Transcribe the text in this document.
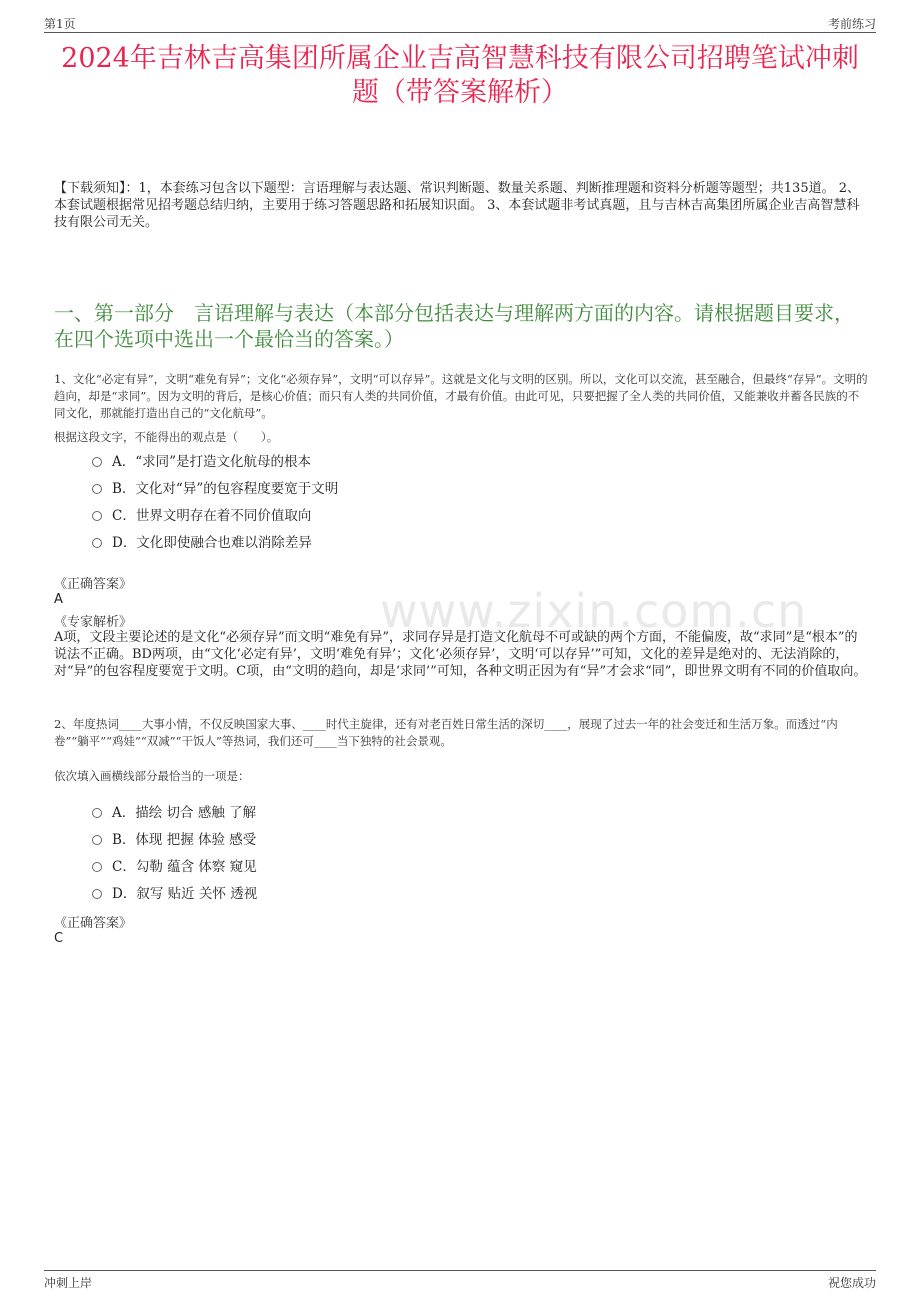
第1页	考前练习
2024年吉林吉高集团所属企业吉高智慧科技有限公司招聘笔试冲刺题（带答案解析）
【下载须知】：1，本套练习包含以下题型：言语理解与表达题、常识判断题、数量关系题、判断推理题和资料分析题等题型；共135道。 2、本套试题根据常见招考题总结归纳，主要用于练习答题思路和拓展知识面。 3、本套试题非考试真题，且与吉林吉高集团所属企业吉高智慧科技有限公司无关。
一、第一部分　言语理解与表达（本部分包括表达与理解两方面的内容。请根据题目要求，在四个选项中选出一个最恰当的答案。）
1、文化“必定有异”，文明“难免有异”；文化“必须存异”，文明“可以存异”。这就是文化与文明的区别。所以，文化可以交流，甚至融合，但最终“存异”。文明的趋向，却是“求同”。因为文明的背后，是核心价值；而只有人类的共同价值，才最有价值。由此可见，只要把握了全人类的共同价值，又能兼收并蓄各民族的不同文化，那就能打造出自己的“文化航母”。
根据这段文字，不能得出的观点是（　　）。
A．“求同”是打造文化航母的根本
B．文化对“异”的包容程度要宽于文明
C．世界文明存在着不同价值取向
D．文化即使融合也难以消除差异
《正确答案》
A
《专家解析》	www.zixin.com.cn
A项，文段主要论述的是文化“必须存异”而文明“难免有异”，求同存异是打造文化航母不可或缺的两个方面，不能偏废，故“求同”是“根本”的说法不正确。BD两项，由“文化‘必定有异’，文明‘难免有异’；文化‘必须存异’，文明‘可以存异’”可知，文化的差异是绝对的、无法消除的，对“异”的包容程度要宽于文明。C项，由“文明的趋向，却是‘求同’”可知，各种文明正因为有“异”才会求“同”，即世界文明有不同的价值取向。
2、年度热词____大事小情，不仅反映国家大事、____时代主旋律，还有对老百姓日常生活的深切____，展现了过去一年的社会变迁和生活万象。而透过“内卷”“躺平”“鸡娃”“双减”“干饭人”等热词，我们还可____当下独特的社会景观。
依次填入画横线部分最恰当的一项是：
A．描绘 切合 感触 了解
B．体现 把握 体验 感受
C．勾勒 蕴含 体察 窥见
D．叙写 贴近 关怀 透视
《正确答案》
C
冲刺上岸	祝您成功
